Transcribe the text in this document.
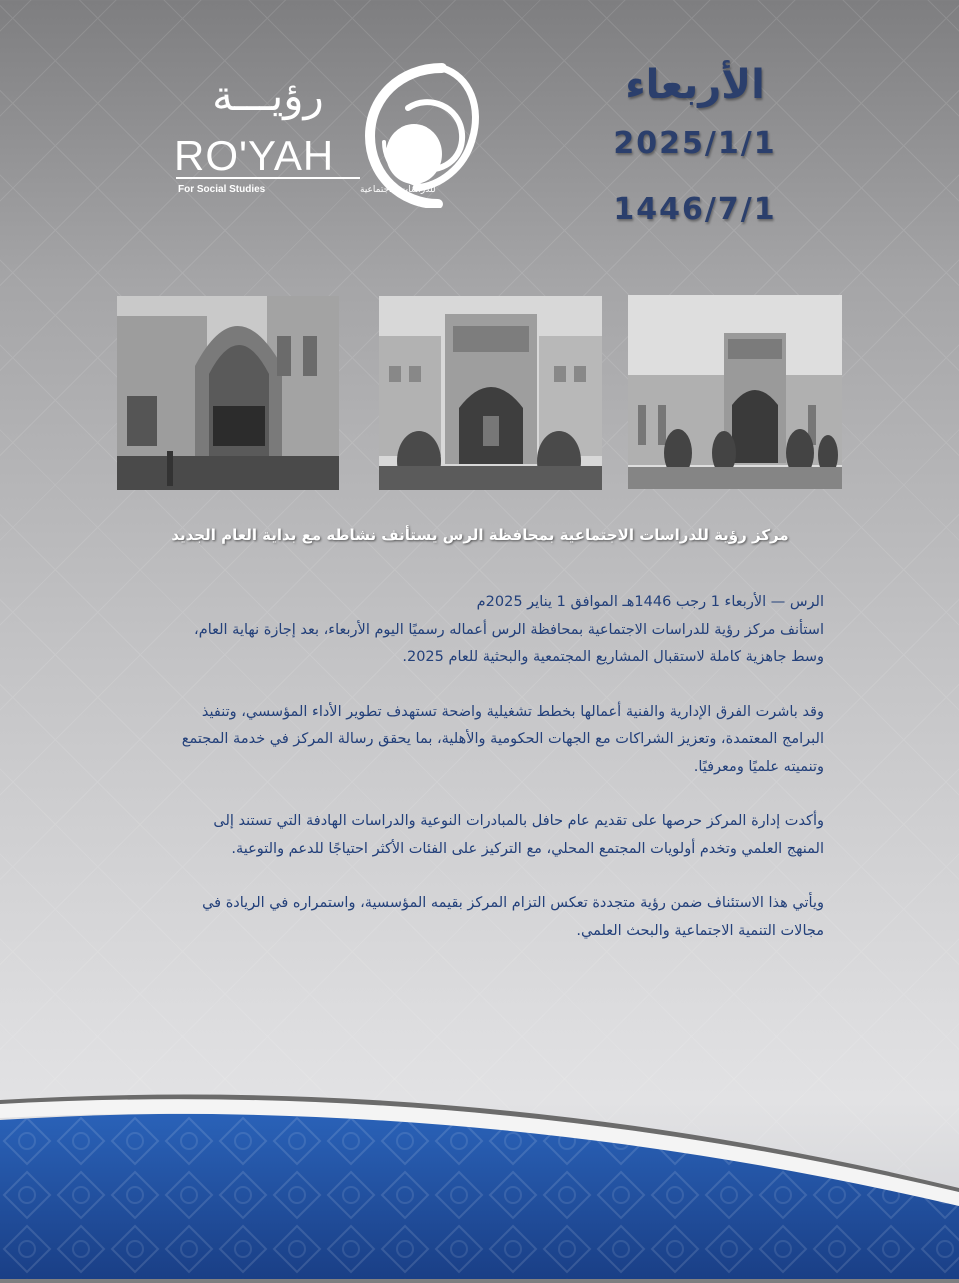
رؤيـــة
RO'YAH
For Social Studies	للدراسات الاجتماعية
الأربعاء
2025/1/1
1446/7/1
مركز رؤية للدراسات الاجتماعية بمحافظة الرس يستأنف نشاطه مع بداية العام الجديد

الرس — الأربعاء 1 رجب 1446هـ الموافق 1 يناير 2025م
استأنف مركز رؤية للدراسات الاجتماعية بمحافظة الرس أعماله رسميًا اليوم الأربعاء، بعد إجازة نهاية العام،
وسط جاهزية كاملة لاستقبال المشاريع المجتمعية والبحثية للعام 2025.

وقد باشرت الفرق الإدارية والفنية أعمالها بخطط تشغيلية واضحة تستهدف تطوير الأداء المؤسسي، وتنفيذ
البرامج المعتمدة، وتعزيز الشراكات مع الجهات الحكومية والأهلية، بما يحقق رسالة المركز في خدمة المجتمع
وتنميته علميًا ومعرفيًا.

وأكدت إدارة المركز حرصها على تقديم عام حافل بالمبادرات النوعية والدراسات الهادفة التي تستند إلى
المنهج العلمي وتخدم أولويات المجتمع المحلي، مع التركيز على الفئات الأكثر احتياجًا للدعم والتوعية.

ويأتي هذا الاستئناف ضمن رؤية متجددة تعكس التزام المركز بقيمه المؤسسية، واستمراره في الريادة في
مجالات التنمية الاجتماعية والبحث العلمي.
